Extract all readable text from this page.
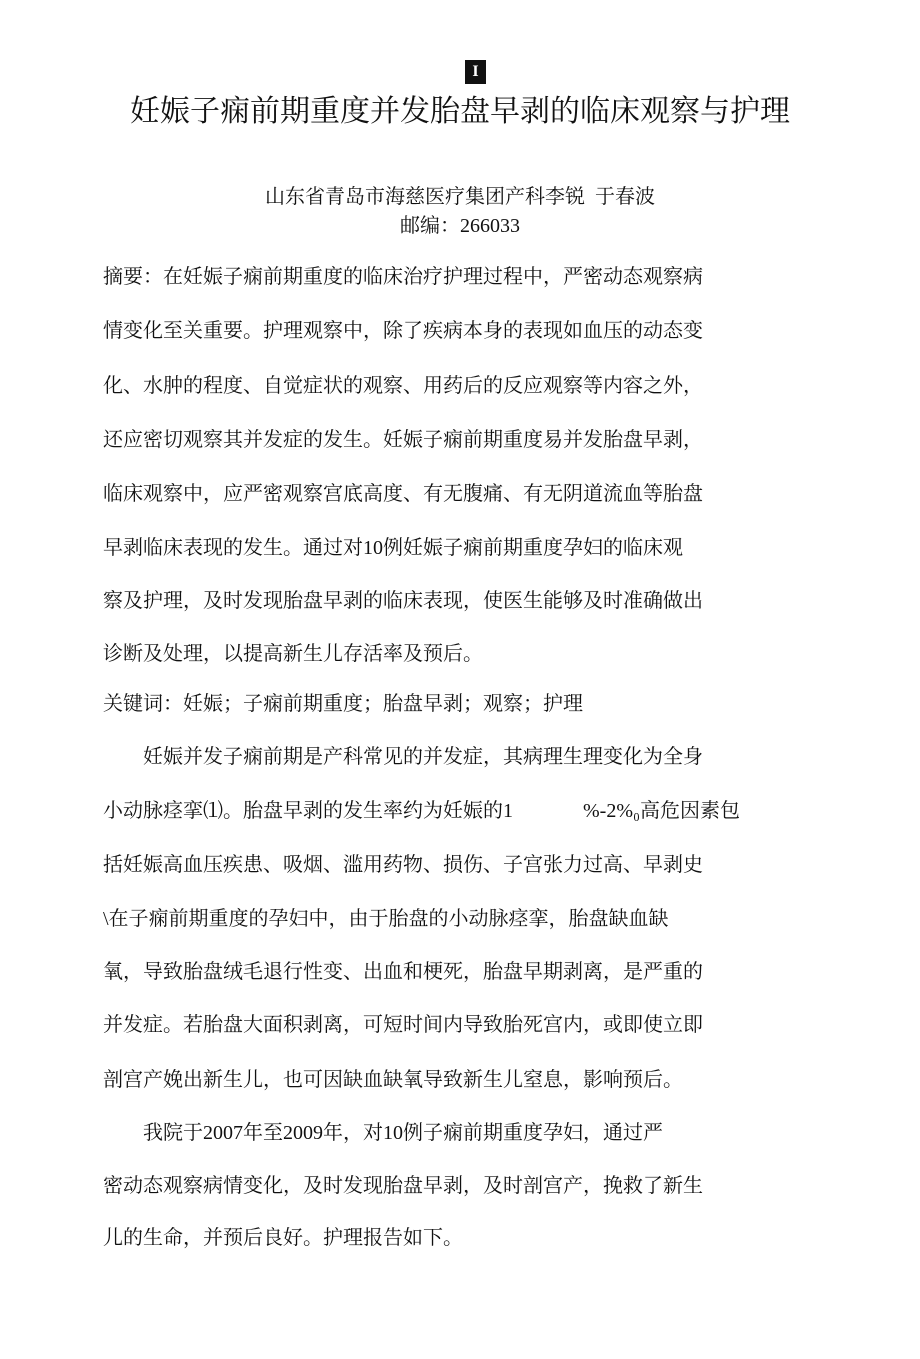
I
妊娠子痫前期重度并发胎盘早剥的临床观察与护理
山东省青岛市海慈医疗集团产科李锐  于春波
邮编：266033
摘要：在妊娠子痫前期重度的临床治疗护理过程中，严密动态观察病
情变化至关重要。护理观察中，除了疾病本身的表现如血压的动态变
化、水肿的程度、自觉症状的观察、用药后的反应观察等内容之外，
还应密切观察其并发症的发生。妊娠子痫前期重度易并发胎盘早剥，
临床观察中，应严密观察宫底高度、有无腹痛、有无阴道流血等胎盘
早剥临床表现的发生。通过对10例妊娠子痫前期重度孕妇的临床观
察及护理，及时发现胎盘早剥的临床表现，使医生能够及时准确做出
诊断及处理，以提高新生儿存活率及预后。
关键词：妊娠；子痫前期重度；胎盘早剥；观察；护理
　　妊娠并发子痫前期是产科常见的并发症，其病理生理变化为全身
小动脉痉挛⑴。胎盘早剥的发生率约为妊娠的1              %-2%₀高危因素包
括妊娠高血压疾患、吸烟、滥用药物、损伤、子宫张力过高、早剥史
\在子痫前期重度的孕妇中，由于胎盘的小动脉痉挛，胎盘缺血缺
氧，导致胎盘绒毛退行性变、出血和梗死，胎盘早期剥离，是严重的
并发症。若胎盘大面积剥离，可短时间内导致胎死宫内，或即使立即
剖宫产娩出新生儿，也可因缺血缺氧导致新生儿窒息，影响预后。
　　我院于2007年至2009年，对10例子痫前期重度孕妇，通过严
密动态观察病情变化，及时发现胎盘早剥，及时剖宫产，挽救了新生
儿的生命，并预后良好。护理报告如下。
